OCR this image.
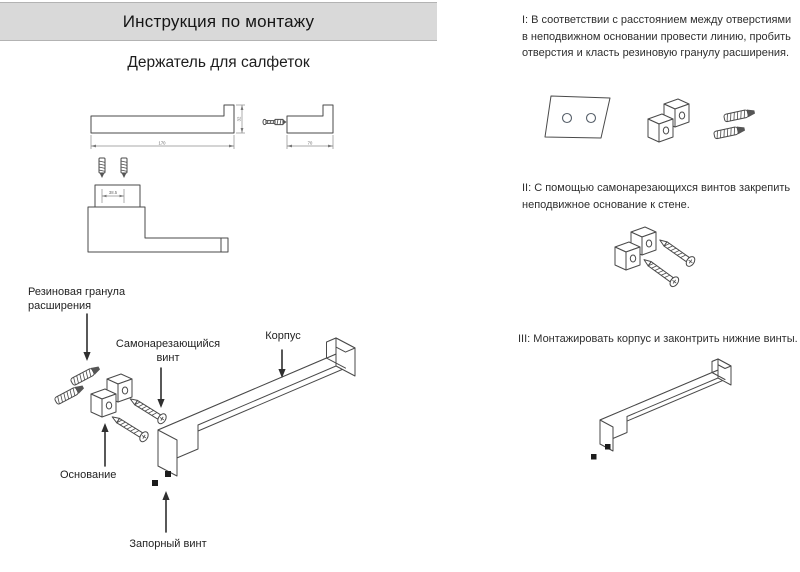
Инструкция по монтажу
Держатель для салфеток
170
32
70
38.5
Резиновая гранула расширения
Самонарезающийся винт
Корпус
Основание
Запорный винт

I: В соответствии с расстоянием между отверстиями в неподвижном основании провести линию, пробить отверстия и класть резиновую гранулу расширения.

II: С помощью самонарезающихся винтов закрепить неподвижное основание к стене.

III: Монтажировать корпус и законтрить нижние винты.
